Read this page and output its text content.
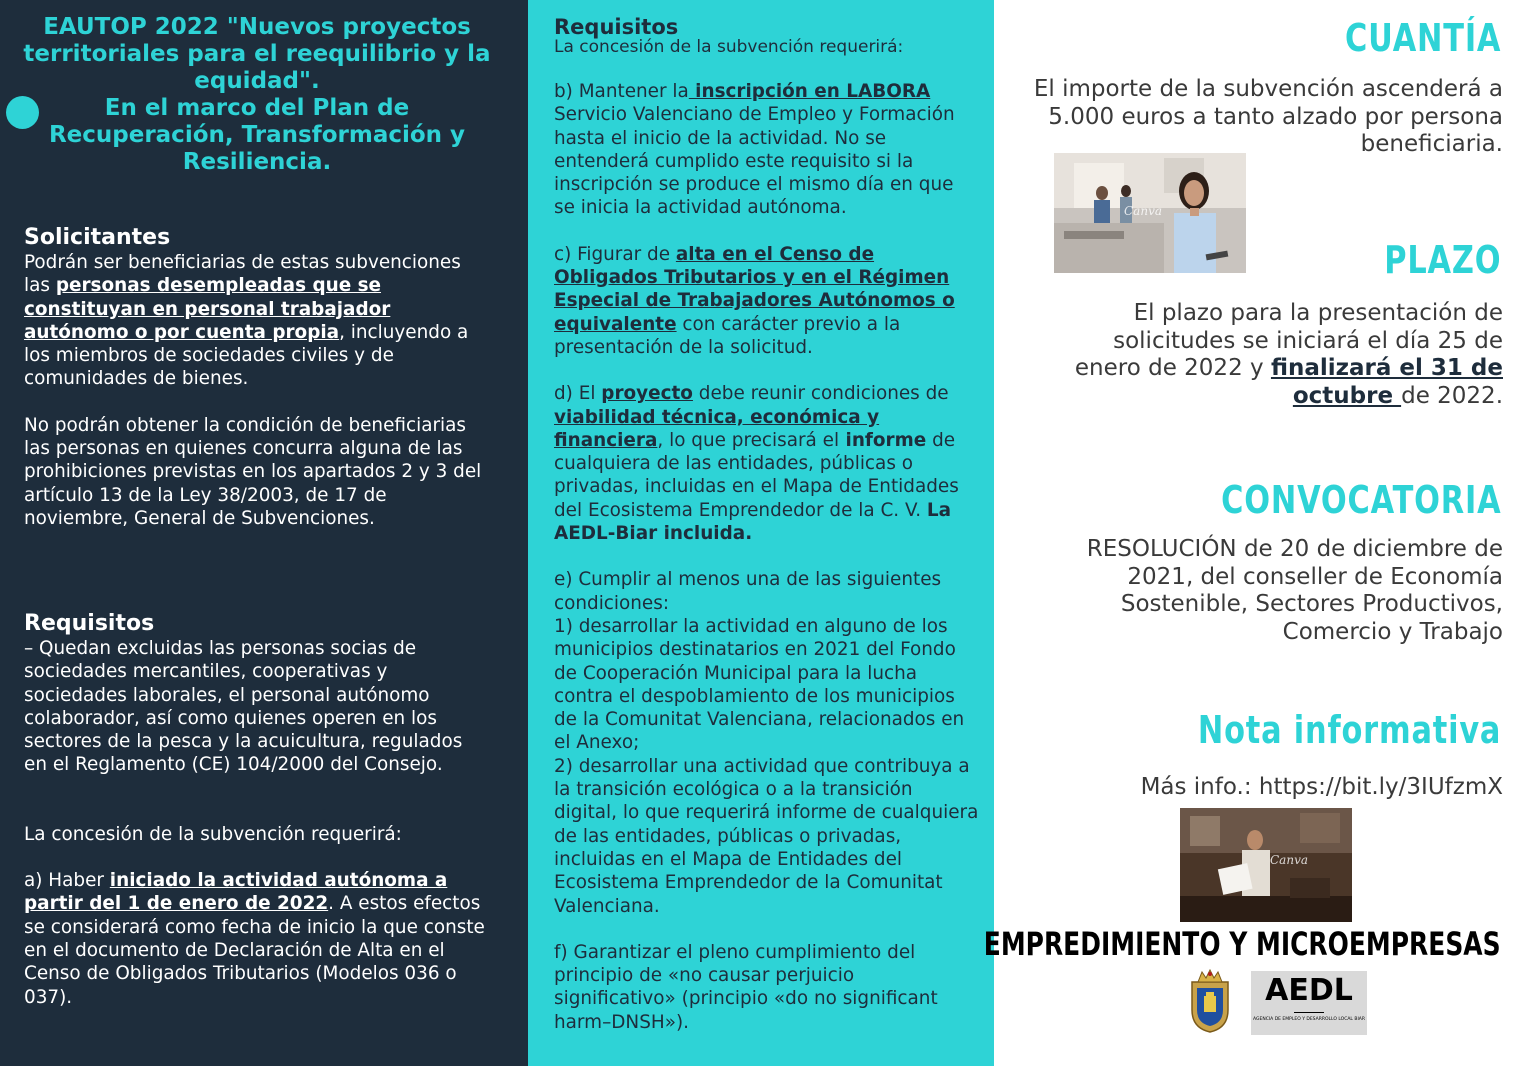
EAUTOP 2022 "Nuevos proyectos territoriales para el reequilibrio y la equidad".
En el marco del Plan de Recuperación, Transformación y Resiliencia.
Solicitantes

Podrán ser beneficiarias de estas subvenciones las personas desempleadas que se constituyan en personal trabajador autónomo o por cuenta propia, incluyendo a los miembros de sociedades civiles y de comunidades de bienes.

No podrán obtener la condición de beneficiarias las personas en quienes concurra alguna de las prohibiciones previstas en los apartados 2 y 3 del artículo 13 de la Ley 38/2003, de 17 de noviembre, General de Subvenciones.

Requisitos

– Quedan excluidas las personas socias de sociedades mercantiles, cooperativas y sociedades laborales, el personal autónomo colaborador, así como quienes operen en los sectores de la pesca y la acuicultura, regulados en el Reglamento (CE) 104/2000 del Consejo.

La concesión de la subvención requerirá:

a) Haber iniciado la actividad autónoma a partir del 1 de enero de 2022. A estos efectos se considerará como fecha de inicio la que conste en el documento de Declaración de Alta en el Censo de Obligados Tributarios (Modelos 036 o 037).

Requisitos

La concesión de la subvención requerirá:

b) Mantener la inscripción en LABORA Servicio Valenciano de Empleo y Formación hasta el inicio de la actividad. No se entenderá cumplido este requisito si la inscripción se produce el mismo día en que se inicia la actividad autónoma.

c) Figurar de alta en el Censo de Obligados Tributarios y en el Régimen Especial de Trabajadores Autónomos o equivalente con carácter previo a la presentación de la solicitud.

d) El proyecto debe reunir condiciones de viabilidad técnica, económica y financiera, lo que precisará el informe de cualquiera de las entidades, públicas o privadas, incluidas en el Mapa de Entidades del Ecosistema Emprendedor de la C. V. La AEDL-Biar incluida.

e) Cumplir al menos una de las siguientes condiciones:

1) desarrollar la actividad en alguno de los municipios destinatarios en 2021 del Fondo de Cooperación Municipal para la lucha contra el despoblamiento de los municipios de la Comunitat Valenciana, relacionados en el Anexo;

2) desarrollar una actividad que contribuya a la transición ecológica o a la transición digital, lo que requerirá informe de cualquiera de las entidades, públicas o privadas, incluidas en el Mapa de Entidades del Ecosistema Emprendedor de la Comunitat Valenciana.

f) Garantizar el pleno cumplimiento del principio de «no causar perjuicio significativo» (principio «do no significant harm–DNSH»).

CUANTÍA
El importe de la subvención ascenderá a 5.000 euros a tanto alzado por persona beneficiaria.
Canva
PLAZO
El plazo para la presentación de solicitudes se iniciará el día 25 de enero de 2022 y finalizará el 31 de octubre de 2022.
CONVOCATORIA
RESOLUCIÓN de 20 de diciembre de 2021, del conseller de Economía Sostenible, Sectores Productivos, Comercio y Trabajo
Nota informativa
Más info.: https://bit.ly/3IUfzmX
Canva
EMPREDIMIENTO Y MICROEMPRESAS
AEDL
AGENCIA DE EMPLEO Y DESARROLLO LOCAL BIAR
